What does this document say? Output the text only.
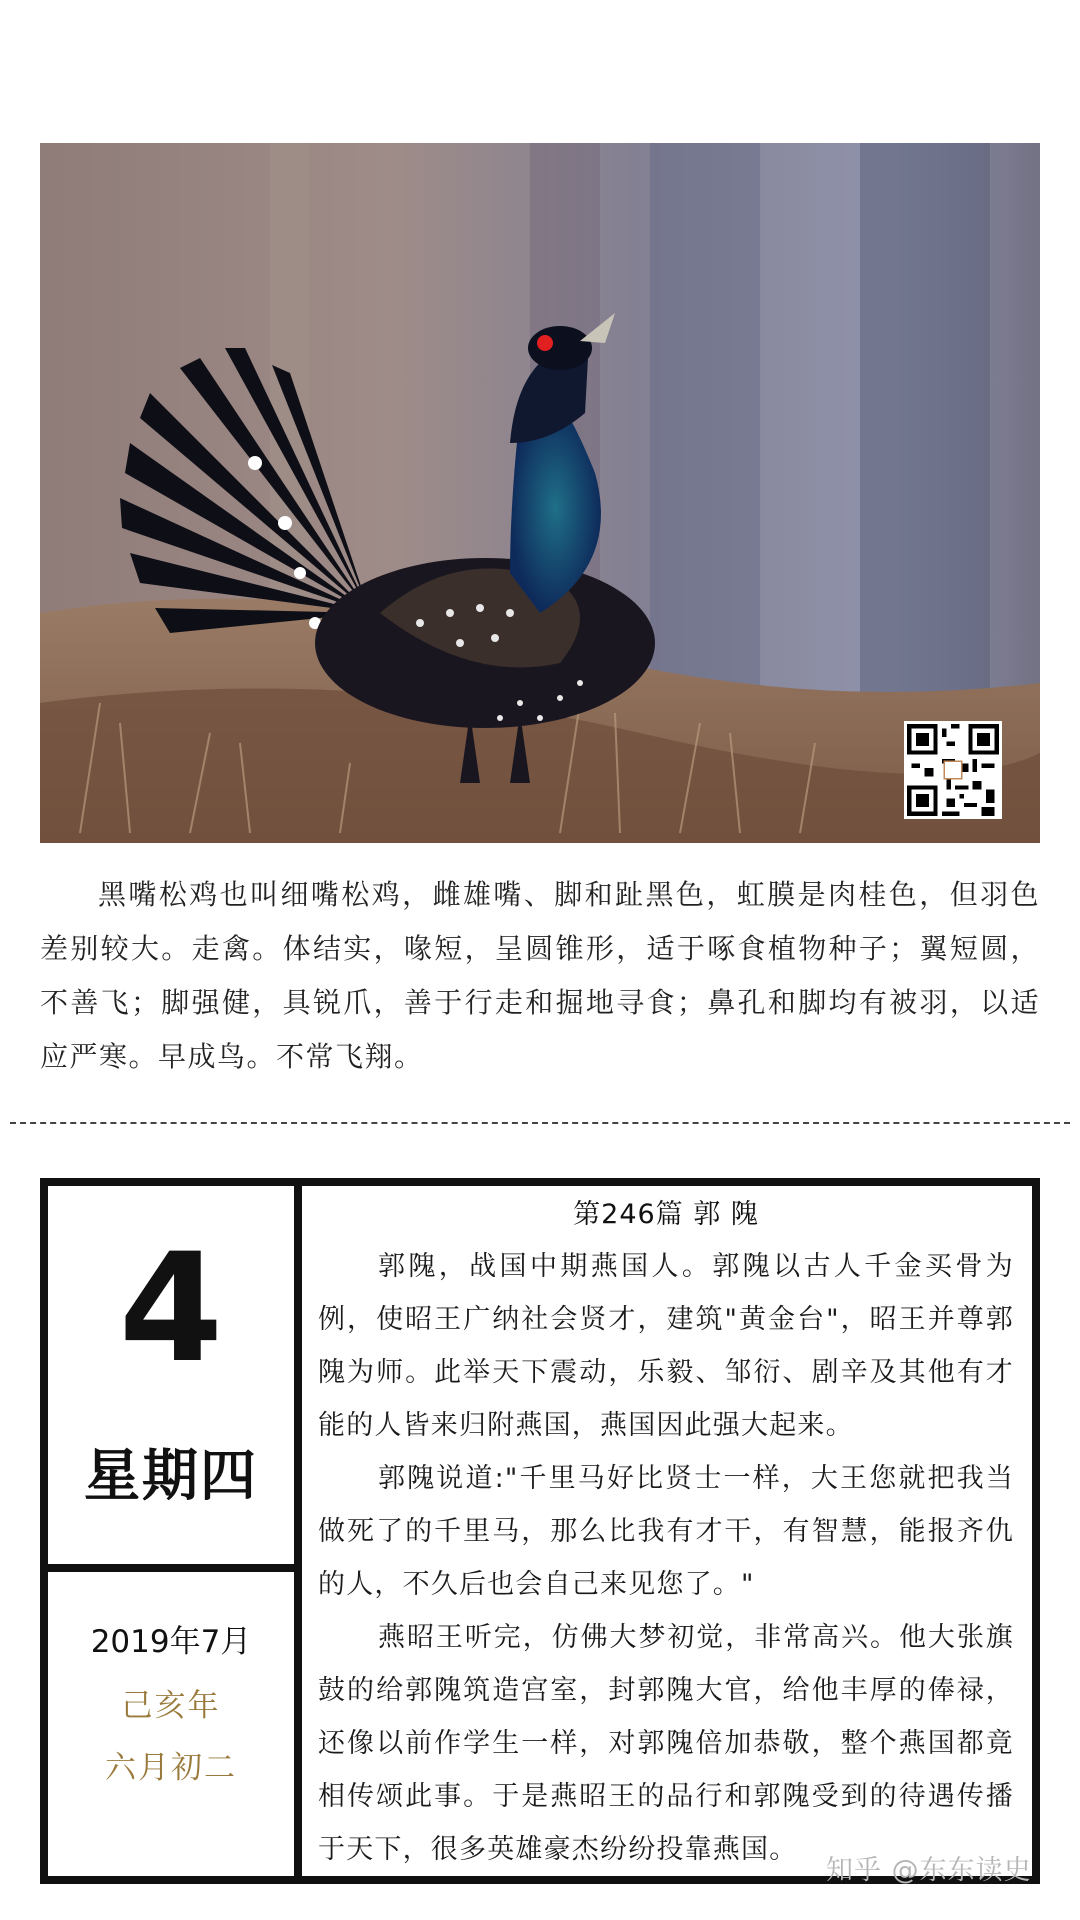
黑嘴松鸡也叫细嘴松鸡，雌雄嘴、脚和趾黑色，虹膜是肉桂色，但羽色差别较大。走禽。体结实，喙短，呈圆锥形，适于啄食植物种子；翼短圆，不善飞；脚强健，具锐爪，善于行走和掘地寻食；鼻孔和脚均有被羽，以适应严寒。早成鸟。不常飞翔。
4
星期四
2019年7月
己亥年
六月初二
第246篇 郭 隗

郭隗，战国中期燕国人。郭隗以古人千金买骨为例，使昭王广纳社会贤才，建筑"黄金台"，昭王并尊郭隗为师。此举天下震动，乐毅、邹衍、剧辛及其他有才能的人皆来归附燕国，燕国因此强大起来。

郭隗说道:"千里马好比贤士一样，大王您就把我当做死了的千里马，那么比我有才干，有智慧，能报齐仇的人，不久后也会自己来见您了。"

燕昭王听完，仿佛大梦初觉，非常高兴。他大张旗鼓的给郭隗筑造宫室，封郭隗大官，给他丰厚的俸禄，还像以前作学生一样，对郭隗倍加恭敬，整个燕国都竟相传颂此事。于是燕昭王的品行和郭隗受到的待遇传播于天下，很多英雄豪杰纷纷投靠燕国。

知乎 @东东读史
